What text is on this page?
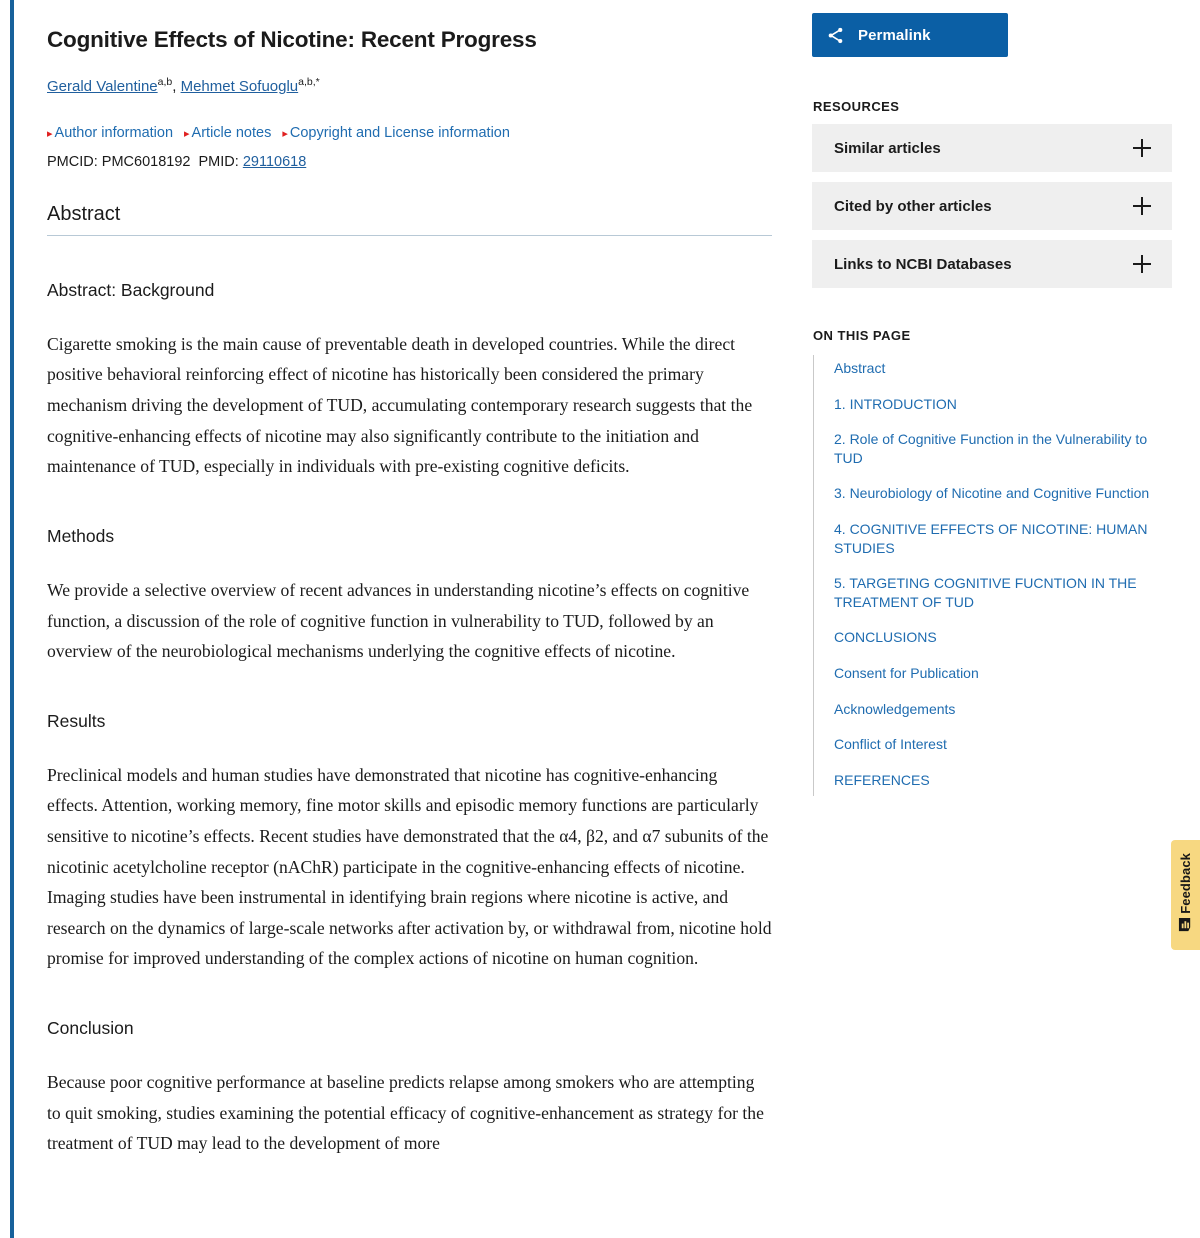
Cognitive Effects of Nicotine: Recent Progress
Gerald Valentine$^{a,b}$, Mehmet Sofuoglu$^{a,b,*}$
▸ Author information ▸ Article notes ▸ Copyright and License information
PMCID: PMC6018192 PMID: 29110618
Abstract
Abstract: Background

Cigarette smoking is the main cause of preventable death in developed countries. While the direct positive behavioral reinforcing effect of nicotine has historically been considered the primary mechanism driving the development of TUD, accumulating contemporary research suggests that the cognitive-enhancing effects of nicotine may also significantly contribute to the initiation and maintenance of TUD, especially in individuals with pre-existing cognitive deficits.

Methods

We provide a selective overview of recent advances in understanding nicotine’s effects on cognitive function, a discussion of the role of cognitive function in vulnerability to TUD, followed by an overview of the neurobiological mechanisms underlying the cognitive effects of nicotine.

Results

Preclinical models and human studies have demonstrated that nicotine has cognitive-enhancing effects. Attention, working memory, fine motor skills and episodic memory functions are particularly sensitive to nicotine’s effects. Recent studies have demonstrated that the α4, β2, and α7 subunits of the nicotinic acetylcholine receptor (nAChR) participate in the cognitive-enhancing effects of nicotine. Imaging studies have been instrumental in identifying brain regions where nicotine is active, and research on the dynamics of large-scale networks after activation by, or withdrawal from, nicotine hold promise for improved understanding of the complex actions of nicotine on human cognition.

Conclusion

Because poor cognitive performance at baseline predicts relapse among smokers who are attempting to quit smoking, studies examining the potential efficacy of cognitive-enhancement as strategy for the treatment of TUD may lead to the development of more

Permalink
RESOURCES
Similar articles
Cited by other articles
Links to NCBI Databases
ON THIS PAGE
Abstract
1. INTRODUCTION
2. Role of Cognitive Function in the Vulnerability to TUD
3. Neurobiology of Nicotine and Cognitive Function
4. COGNITIVE EFFECTS OF NICOTINE: HUMAN STUDIES
5. TARGETING COGNITIVE FUCNTION IN THE TREATMENT OF TUD
CONCLUSIONS
Consent for Publication
Acknowledgements
Conflict of Interest
REFERENCES
Feedback
